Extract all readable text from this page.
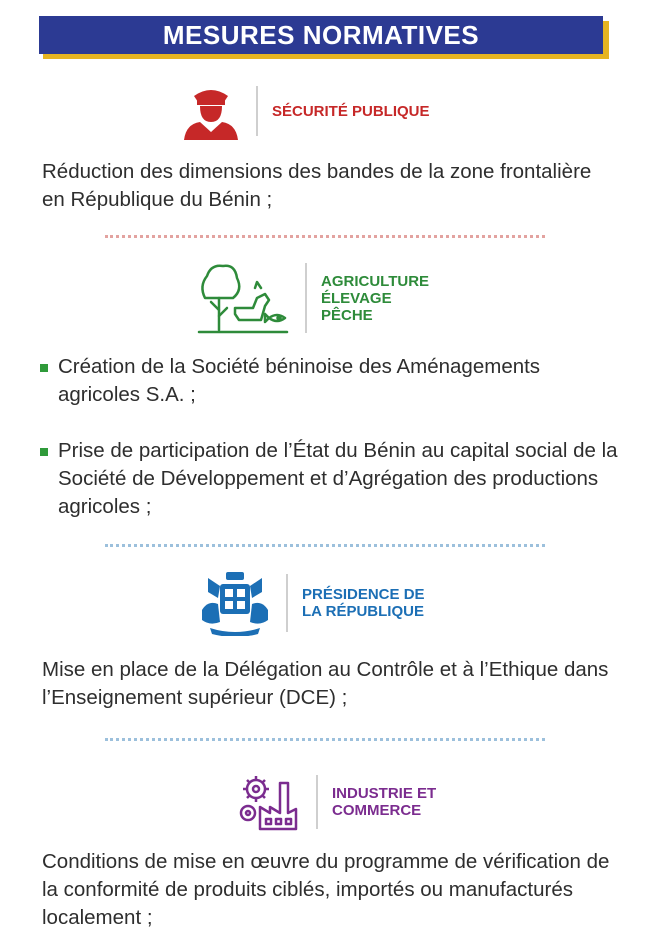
MESURES NORMATIVES
SÉCURITÉ PUBLIQUE
Réduction des dimensions des bandes de la zone frontalière en République du Bénin ;
AGRICULTURE
ÉLEVAGE
PÊCHE
Création de la Société béninoise des Aménagements agricoles S.A. ;
Prise de participation de l’État du Bénin au capital social de la Société de Développement et d’Agrégation des productions agricoles ;
PRÉSIDENCE DE
LA RÉPUBLIQUE
Mise en place de la Délégation au Contrôle et à l’Ethique dans l’Enseignement supérieur (DCE) ;
INDUSTRIE ET
COMMERCE
Conditions de mise en œuvre du programme de vérification de la conformité de produits ciblés, importés ou manufacturés localement ;
